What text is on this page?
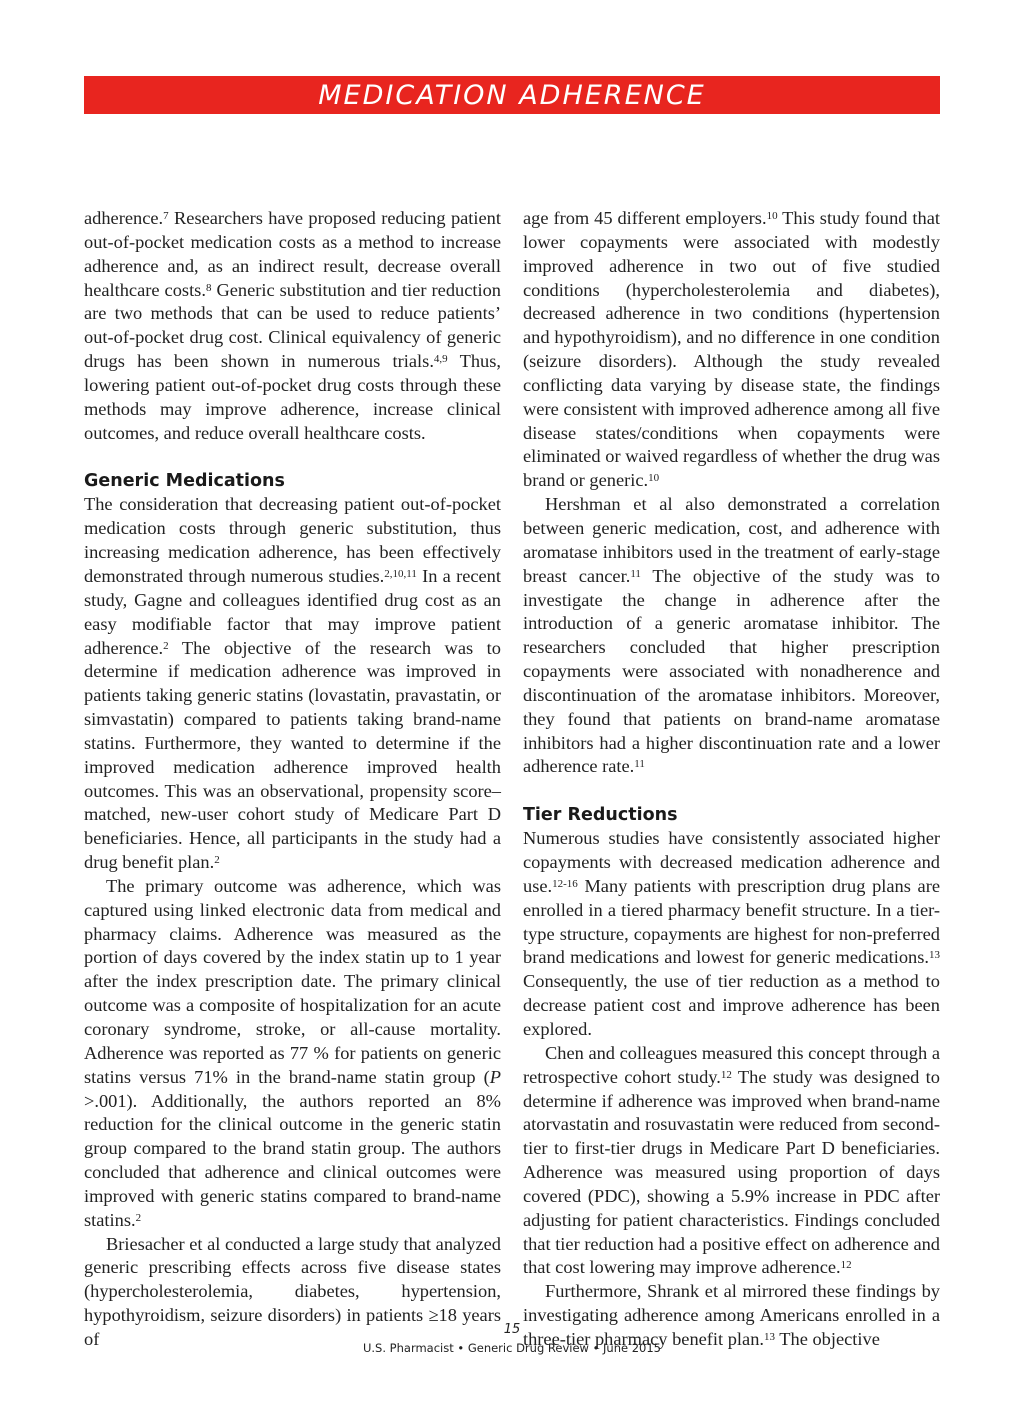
MEDICATION ADHERENCE

adherence.$^7$ Researchers have proposed reducing patient out-of-pocket medication costs as a method to increase adherence and, as an indirect result, decrease overall healthcare costs.$^8$ Generic substitution and tier reduction are two methods that can be used to reduce patients’ out-of-pocket drug cost. Clinical equivalency of generic drugs has been shown in numerous trials.$^{4,9}$ Thus, lowering patient out-of-pocket drug costs through these methods may improve adherence, increase clinical outcomes, and reduce overall healthcare costs.

Generic Medications

The consideration that decreasing patient out-of-pocket medication costs through generic substitution, thus increasing medication adherence, has been effectively demonstrated through numerous studies.$^{2,10,11}$ In a recent study, Gagne and colleagues identified drug cost as an easy modifiable factor that may improve patient adherence.$^2$ The objective of the research was to determine if medication adherence was improved in patients taking generic statins (lovastatin, pravastatin, or simvastatin) compared to patients taking brand-name statins. Furthermore, they wanted to determine if the improved medication adherence improved health outcomes. This was an observational, propensity score–matched, new-user cohort study of Medicare Part D beneficiaries. Hence, all participants in the study had a drug benefit plan.$^2$

The primary outcome was adherence, which was captured using linked electronic data from medical and pharmacy claims. Adherence was measured as the portion of days covered by the index statin up to 1 year after the index prescription date. The primary clinical outcome was a composite of hospitalization for an acute coronary syndrome, stroke, or all-cause mortality. Adherence was reported as 77 % for patients on generic statins versus 71% in the brand-name statin group (P >.001). Additionally, the authors reported an 8% reduction for the clinical outcome in the generic statin group compared to the brand statin group. The authors concluded that adherence and clinical outcomes were improved with generic statins compared to brand-name statins.$^2$

Briesacher et al conducted a large study that analyzed generic prescribing effects across five disease states (hypercholesterolemia, diabetes, hypertension, hypothyroidism, seizure disorders) in patients ≥18 years of

age from 45 different employers.$^{10}$ This study found that lower copayments were associated with modestly improved adherence in two out of five studied conditions (hypercholesterolemia and diabetes), decreased adherence in two conditions (hypertension and hypothyroidism), and no difference in one condition (seizure disorders). Although the study revealed conflicting data varying by disease state, the findings were consistent with improved adherence among all five disease states/conditions when copayments were eliminated or waived regardless of whether the drug was brand or generic.$^{10}$

Hershman et al also demonstrated a correlation between generic medication, cost, and adherence with aromatase inhibitors used in the treatment of early-stage breast cancer.$^{11}$ The objective of the study was to investigate the change in adherence after the introduction of a generic aromatase inhibitor. The researchers concluded that higher prescription copayments were associated with nonadherence and discontinuation of the aromatase inhibitors. Moreover, they found that patients on brand-name aromatase inhibitors had a higher discontinuation rate and a lower adherence rate.$^{11}$

Tier Reductions

Numerous studies have consistently associated higher copayments with decreased medication adherence and use.$^{12-16}$ Many patients with prescription drug plans are enrolled in a tiered pharmacy benefit structure. In a tier-type structure, copayments are highest for non-preferred brand medications and lowest for generic medications.$^{13}$ Consequently, the use of tier reduction as a method to decrease patient cost and improve adherence has been explored.

Chen and colleagues measured this concept through a retrospective cohort study.$^{12}$ The study was designed to determine if adherence was improved when brand-name atorvastatin and rosuvastatin were reduced from second-tier to first-tier drugs in Medicare Part D beneficiaries. Adherence was measured using proportion of days covered (PDC), showing a 5.9% increase in PDC after adjusting for patient characteristics. Findings concluded that tier reduction had a positive effect on adherence and that cost lowering may improve adherence.$^{12}$

Furthermore, Shrank et al mirrored these findings by investigating adherence among Americans enrolled in a three-tier pharmacy benefit plan.$^{13}$ The objective

15
U.S. Pharmacist • Generic Drug Review • June 2015
